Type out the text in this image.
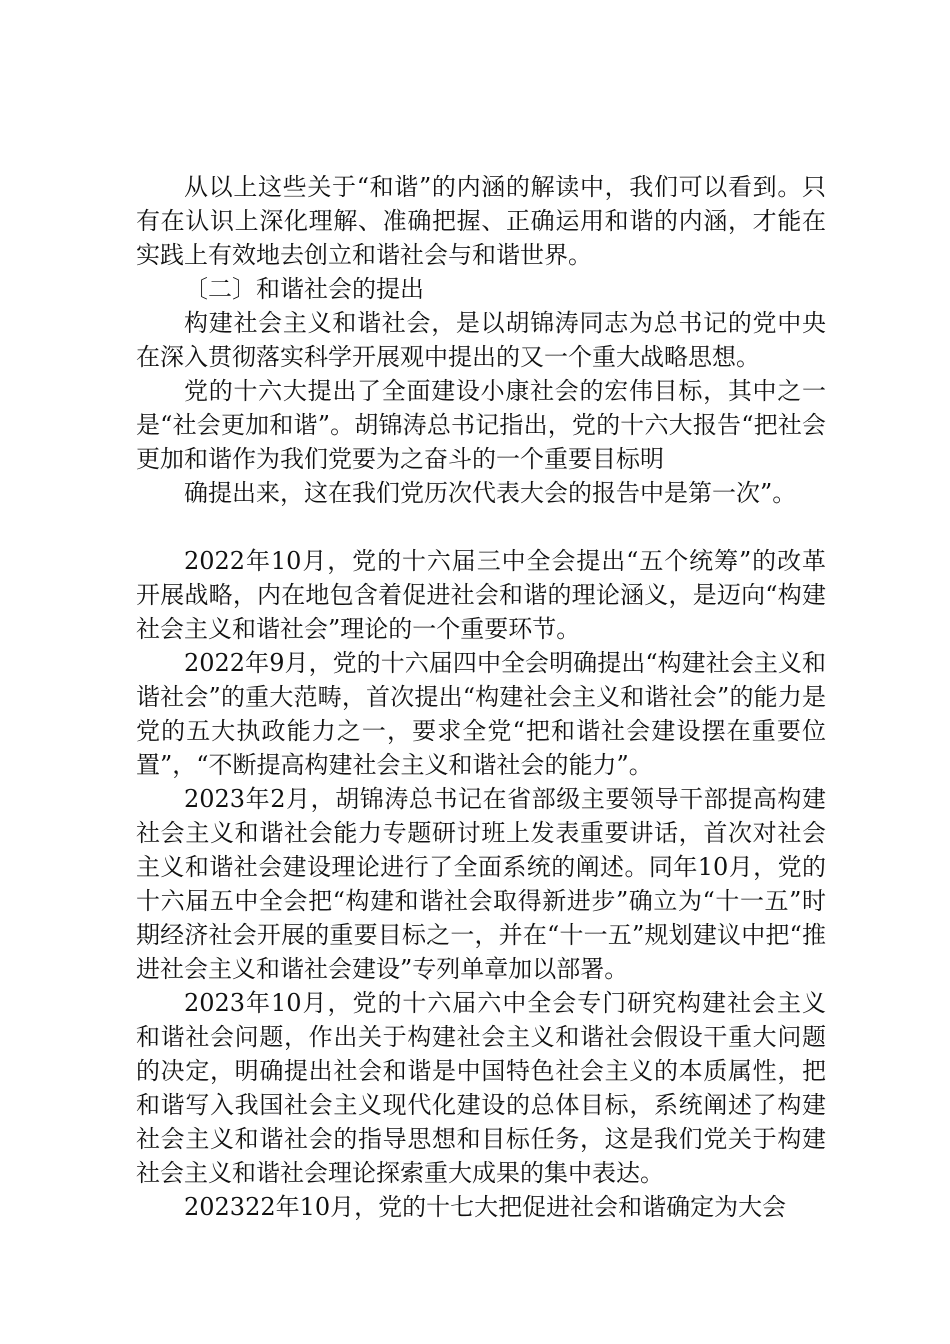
从以上这些关于“和谐”的内涵的解读中，我们可以看到。只有在认识上深化理解、准确把握、正确运用和谐的内涵，才能在实践上有效地去创立和谐社会与和谐世界。

〔二〕和谐社会的提出

构建社会主义和谐社会，是以胡锦涛同志为总书记的党中央在深入贯彻落实科学开展观中提出的又一个重大战略思想。

党的十六大提出了全面建设小康社会的宏伟目标，其中之一是“社会更加和谐”。胡锦涛总书记指出，党的十六大报告“把社会更加和谐作为我们党要为之奋斗的一个重要目标明

确提出来，这在我们党历次代表大会的报告中是第一次”。

2022年10月，党的十六届三中全会提出“五个统筹”的改革开展战略，内在地包含着促进社会和谐的理论涵义，是迈向“构建社会主义和谐社会”理论的一个重要环节。

2022年9月，党的十六届四中全会明确提出“构建社会主义和谐社会”的重大范畴，首次提出“构建社会主义和谐社会”的能力是党的五大执政能力之一，要求全党“把和谐社会建设摆在重要位置”，“不断提高构建社会主义和谐社会的能力”。

2023年2月，胡锦涛总书记在省部级主要领导干部提高构建社会主义和谐社会能力专题研讨班上发表重要讲话，首次对社会主义和谐社会建设理论进行了全面系统的阐述。同年10月，党的十六届五中全会把“构建和谐社会取得新进步”确立为“十一五”时期经济社会开展的重要目标之一，并在“十一五”规划建议中把“推进社会主义和谐社会建设”专列单章加以部署。

2023年10月，党的十六届六中全会专门研究构建社会主义和谐社会问题，作出关于构建社会主义和谐社会假设干重大问题的决定，明确提出社会和谐是中国特色社会主义的本质属性，把和谐写入我国社会主义现代化建设的总体目标，系统阐述了构建社会主义和谐社会的指导思想和目标任务，这是我们党关于构建社会主义和谐社会理论探索重大成果的集中表达。

202322年10月，党的十七大把促进社会和谐确定为大会
